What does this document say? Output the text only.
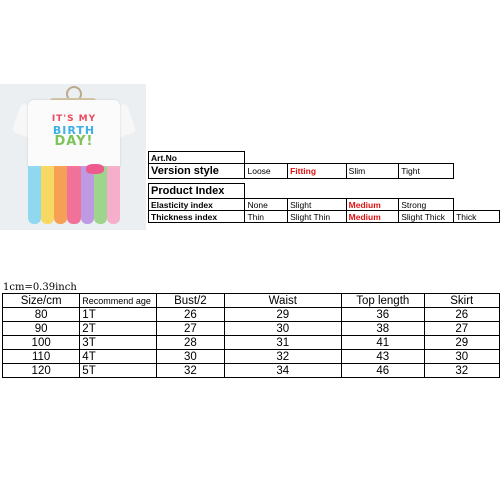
IT'S MY
BIRTH
DAY!
Art.No					
Version style	Loose	Fitting	Slim	Tight	

Product Index					
Elasticity index	None	Slight	Medium	Strong	
Thickness index	Thin	Slight Thin	Medium	Slight Thick	Thick
1cm=0.39inch
Size/cm	Recommend age	Bust/2	Waist	Top length	Skirt
80	1T	26	29	36	26
90	2T	27	30	38	27
100	3T	28	31	41	29
110	4T	30	32	43	30
120	5T	32	34	46	32
